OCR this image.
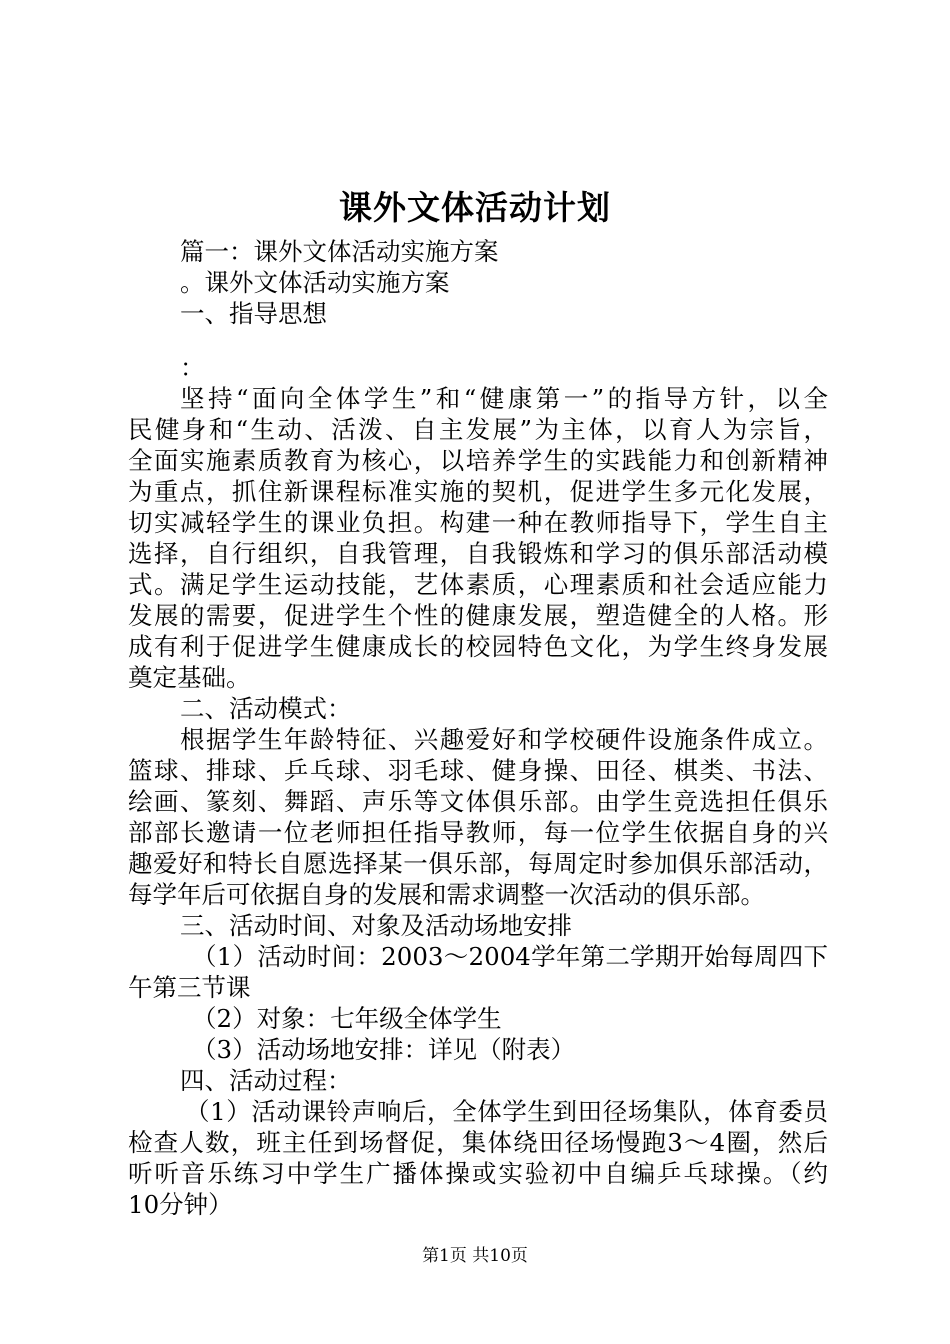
课外文体活动计划
篇一：课外文体活动实施方案
。课外文体活动实施方案
一、指导思想
：
坚持“面向全体学生”和“健康第一”的指导方针，以全
民健身和“生动、活泼、自主发展”为主体，以育人为宗旨，
全面实施素质教育为核心，以培养学生的实践能力和创新精神
为重点，抓住新课程标准实施的契机，促进学生多元化发展，
切实减轻学生的课业负担。构建一种在教师指导下，学生自主
选择，自行组织，自我管理，自我锻炼和学习的俱乐部活动模
式。满足学生运动技能，艺体素质，心理素质和社会适应能力
发展的需要，促进学生个性的健康发展，塑造健全的人格。形
成有利于促进学生健康成长的校园特色文化，为学生终身发展
奠定基础。
二、活动模式：
根据学生年龄特征、兴趣爱好和学校硬件设施条件成立。
篮球、排球、乒乓球、羽毛球、健身操、田径、棋类、书法、
绘画、篆刻、舞蹈、声乐等文体俱乐部。由学生竞选担任俱乐
部部长邀请一位老师担任指导教师，每一位学生依据自身的兴
趣爱好和特长自愿选择某一俱乐部，每周定时参加俱乐部活动，
每学年后可依据自身的发展和需求调整一次活动的俱乐部。
三、活动时间、对象及活动场地安排
（1）活动时间：2003～2004学年第二学期开始每周四下
午第三节课
（2）对象：七年级全体学生
（3）活动场地安排：详见（附表）
四、活动过程：
（1）活动课铃声响后，全体学生到田径场集队，体育委员
检查人数，班主任到场督促，集体绕田径场慢跑3～4圈，然后
听听音乐练习中学生广播体操或实验初中自编乒乓球操。（约
10分钟）
第1页 共10页
